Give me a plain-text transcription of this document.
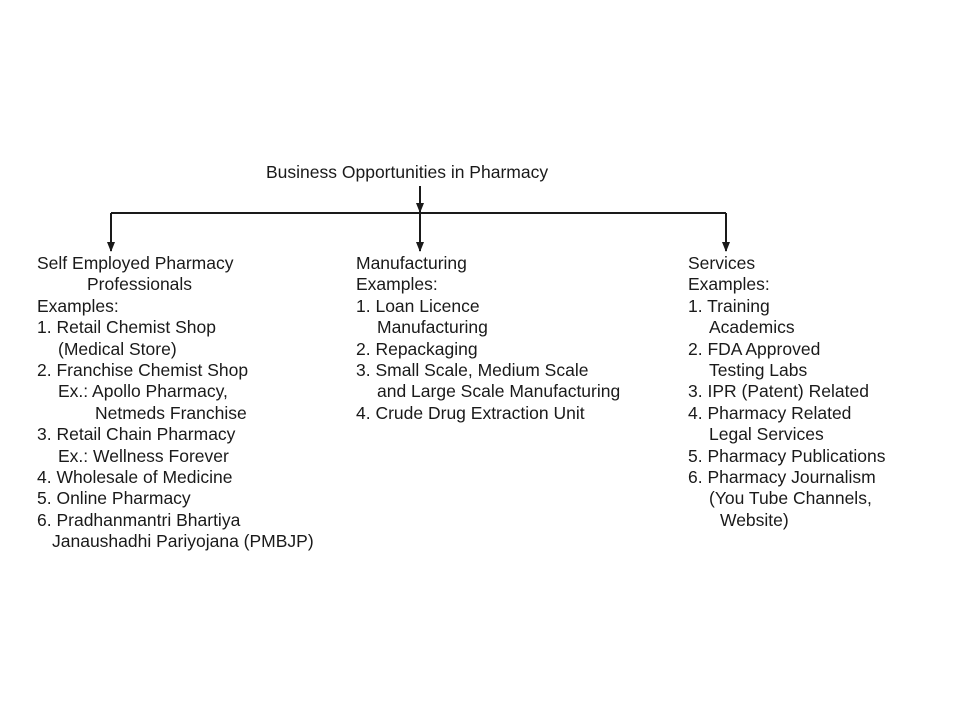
Business Opportunities in Pharmacy
Self Employed Pharmacy
Professionals
Examples:
1. Retail Chemist Shop
(Medical Store)
2. Franchise Chemist Shop
Ex.: Apollo Pharmacy,
Netmeds Franchise
3. Retail Chain Pharmacy
Ex.: Wellness Forever
4. Wholesale of Medicine
5. Online Pharmacy
6. Pradhanmantri Bhartiya
Janaushadhi Pariyojana (PMBJP)
Manufacturing
Examples:
1. Loan Licence
Manufacturing
2. Repackaging
3. Small Scale, Medium Scale
and Large Scale Manufacturing
4. Crude Drug Extraction Unit
Services
Examples:
1. Training
Academics
2. FDA Approved
Testing Labs
3. IPR (Patent) Related
4. Pharmacy Related
Legal Services
5. Pharmacy Publications
6. Pharmacy Journalism
(You Tube Channels,
Website)
